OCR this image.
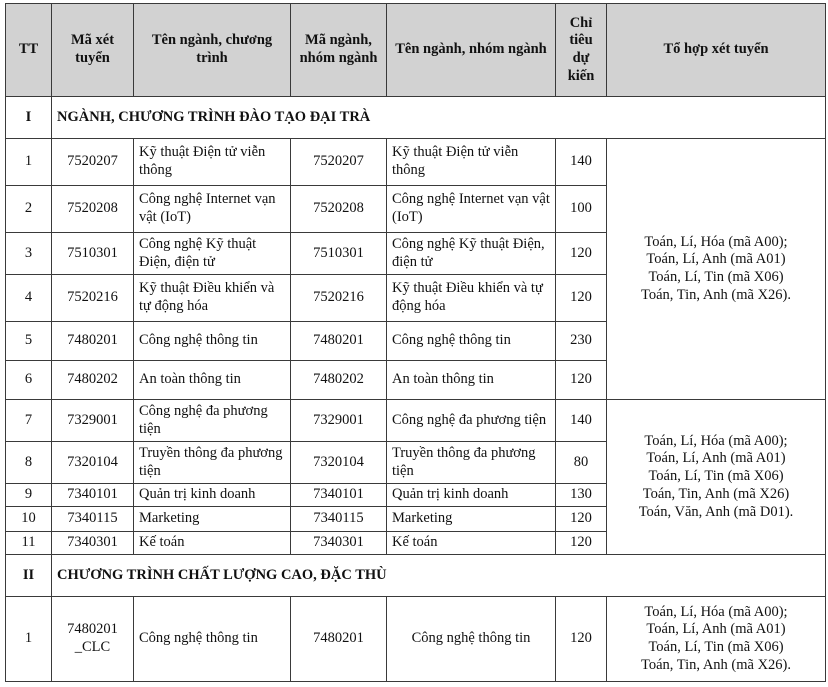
TT	Mã xét tuyển	Tên ngành, chương trình	Mã ngành, nhóm ngành	Tên ngành, nhóm ngành	Chỉ tiêu dự kiến	Tổ hợp xét tuyển
I	NGÀNH, CHƯƠNG TRÌNH ĐÀO TẠO ĐẠI TRÀ					
1	7520207	Kỹ thuật Điện tử viễn thông	7520207	Kỹ thuật Điện tử viễn thông	140	Toán, Lí, Hóa (mã A00);
Toán, Lí, Anh (mã A01)
Toán, Lí, Tin (mã X06)
Toán, Tin, Anh (mã X26).

2	7520208	Công nghệ Internet vạn vật (IoT)	7520208	Công nghệ Internet vạn vật (IoT)	100	
3	7510301	Công nghệ Kỹ thuật Điện, điện tử	7510301	Công nghệ Kỹ thuật Điện, điện tử	120	
4	7520216	Kỹ thuật Điều khiển và tự động hóa	7520216	Kỹ thuật Điều khiển và tự động hóa	120	
5	7480201	Công nghệ thông tin	7480201	Công nghệ thông tin	230	
6	7480202	An toàn thông tin	7480202	An toàn thông tin	120	
7	7329001	Công nghệ đa phương tiện	7329001	Công nghệ đa phương tiện	140	Toán, Lí, Hóa (mã A00);
Toán, Lí, Anh (mã A01)
Toán, Lí, Tin (mã X06)
Toán, Tin, Anh (mã X26)
Toán, Văn, Anh (mã D01).

8	7320104	Truyền thông đa phương tiện	7320104	Truyền thông đa phương tiện	80	
9	7340101	Quản trị kinh doanh	7340101	Quản trị kinh doanh	130	
10	7340115	Marketing	7340115	Marketing	120	
11	7340301	Kế toán	7340301	Kế toán	120	
II	CHƯƠNG TRÌNH CHẤT LƯỢNG CAO, ĐẶC THÙ					
1	7480201 _CLC	Công nghệ thông tin	7480201	Công nghệ thông tin	120	Toán, Lí, Hóa (mã A00);
Toán, Lí, Anh (mã A01)
Toán, Lí, Tin (mã X06)
Toán, Tin, Anh (mã X26).
